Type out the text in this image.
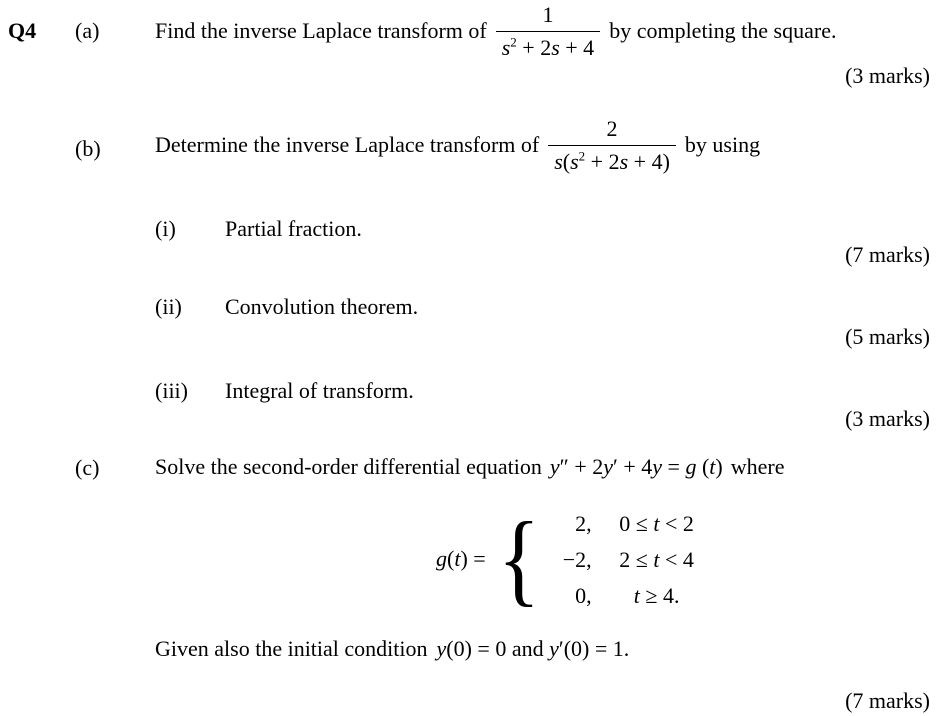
Q4 (a)	Find the inverse Laplace transform of $\frac{1}{s^2 + 2s + 4}$ by completing the square.
(3 marks)
(b) Determine the inverse Laplace transform of $\frac{2}{s(s^2 + 2s + 4)}$ by using
(i)	Partial fraction.
(7 marks)
(ii)	Convolution theorem.
(5 marks)
(iii)	Integral of transform.
(3 marks)
(c)	Solve the second-order differential equation y″ + 2y′ + 4y = g (t) where
g(t) = {	2, 0 ≤ t < 2
−2, 2 ≤ t < 4
0,	t ≥ 4.
Given also the initial condition y(0) = 0 and y′(0) = 1.
(7 marks)
